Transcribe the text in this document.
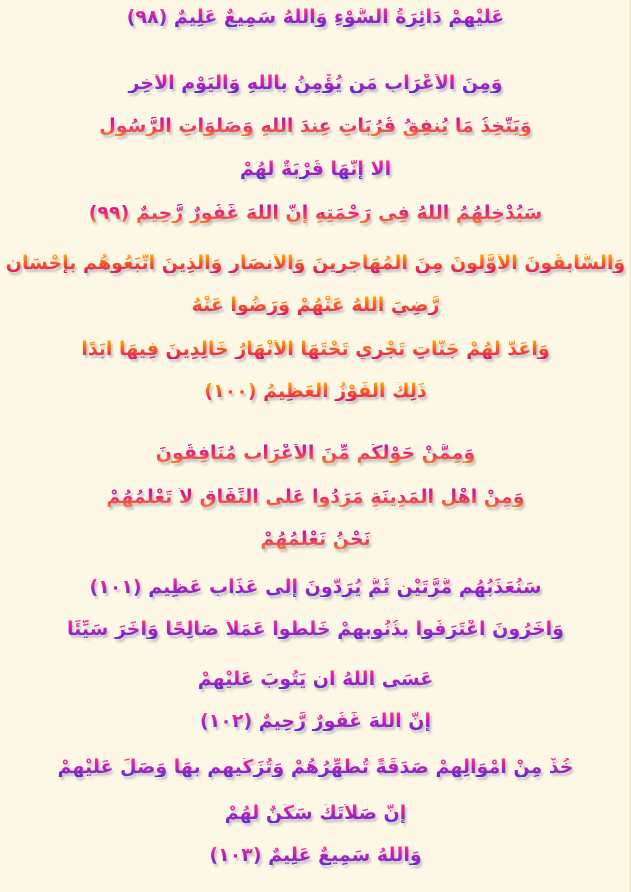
عَلَيْهِمْ دَائِرَةُ السَّوْءِ وَاللّهُ سَمِيعٌ عَلِيمٌ (٩٨)
وَمِنَ الأَعْرَابِ مَن يُؤْمِنُ بِاللّهِ وَالْيَوْمِ الآخِرِ
وَيَتَّخِذُ مَا يُنفِقُ قُرُبَاتٍ عِندَ اللّهِ وَصَلَوَاتِ الرَّسُولِ
أَلا إِنَّهَا قُرْبَةٌ لَّهُمْ
سَيُدْخِلُهُمُ اللّهُ فِي رَحْمَتِهِ إِنَّ اللّهَ غَفُورٌ رَّحِيمٌ (٩٩)
وَالسَّابِقُونَ الأَوَّلُونَ مِنَ الْمُهَاجِرِينَ وَالأَنصَارِ وَالَّذِينَ اتَّبَعُوهُم بِإِحْسَانٍ
رَّضِيَ اللّهُ عَنْهُمْ وَرَضُواْ عَنْهُ
وَأَعَدَّ لَهُمْ جَنَّاتٍ تَجْرِي تَحْتَهَا الأَنْهَارُ خَالِدِينَ فِيهَا أَبَدًا
ذَلِكَ الْفَوْزُ الْعَظِيمُ (١٠٠)
وَمِمَّنْ حَوْلَكُم مِّنَ الأَعْرَابِ مُنَافِقُونَ
وَمِنْ أَهْلِ الْمَدِينَةِ مَرَدُواْ عَلَى النِّفَاقِ لاَ تَعْلَمُهُمْ
نَحْنُ نَعْلَمُهُمْ
سَنُعَذِّبُهُم مَّرَّتَيْنِ ثُمَّ يُرَدُّونَ إِلَى عَذَابٍ عَظِيمٍ (١٠١)
وَآخَرُونَ اعْتَرَفُواْ بِذُنُوبِهِمْ خَلَطُواْ عَمَلاً صَالِحًا وَآخَرَ سَيِّئًا
عَسَى اللّهُ أَن يَتُوبَ عَلَيْهِمْ
إِنَّ اللّهَ غَفُورٌ رَّحِيمٌ (١٠٢)
خُذْ مِنْ أَمْوَالِهِمْ صَدَقَةً تُطَهِّرُهُمْ وَتُزَكِّيهِم بِهَا وَصَلِّ عَلَيْهِمْ
إِنَّ صَلاَتَكَ سَكَنٌ لَّهُمْ
وَاللّهُ سَمِيعٌ عَلِيمٌ (١٠٣)
